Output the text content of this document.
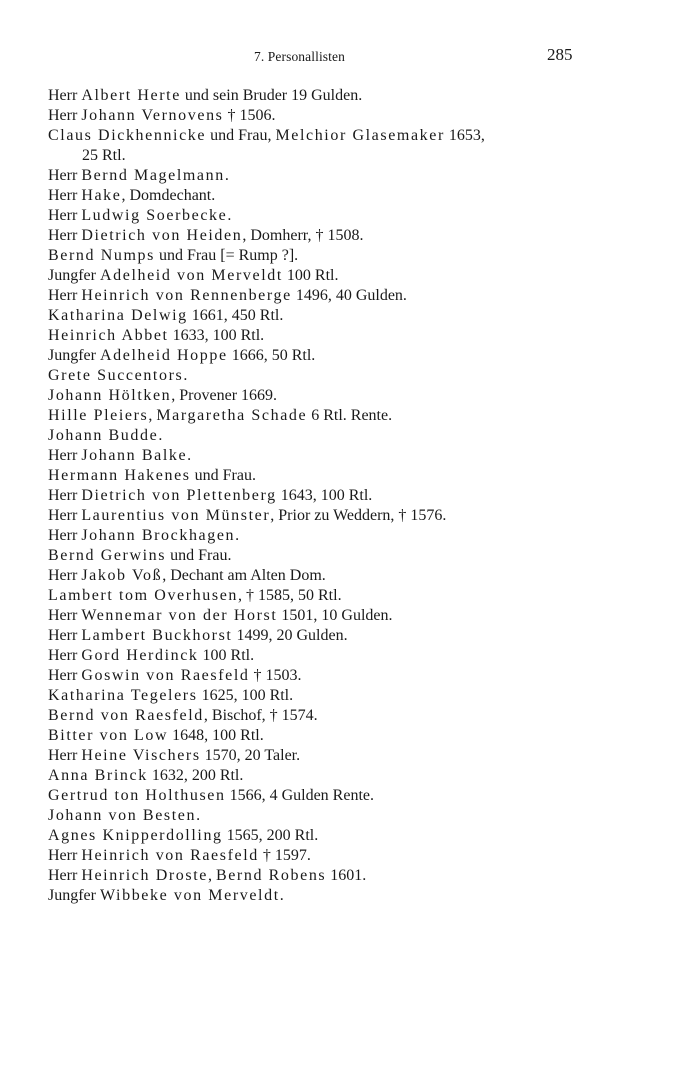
7. Personallisten	285
Herr Albert Herte und sein Bruder 19 Gulden.
Herr Johann Vernovens † 1506.
Claus Dickhennicke und Frau, Melchior Glasemaker 1653,
25 Rtl.
Herr Bernd Magelmann.
Herr Hake, Domdechant.
Herr Ludwig Soerbecke.
Herr Dietrich von Heiden, Domherr, † 1508.
Bernd Numps und Frau [= Rump ?].
Jungfer Adelheid von Merveldt 100 Rtl.
Herr Heinrich von Rennenberge 1496, 40 Gulden.
Katharina Delwig 1661, 450 Rtl.
Heinrich Abbet 1633, 100 Rtl.
Jungfer Adelheid Hoppe 1666, 50 Rtl.
Grete Succentors.
Johann Höltken, Provener 1669.
Hille Pleiers, Margaretha Schade 6 Rtl. Rente.
Johann Budde.
Herr Johann Balke.
Hermann Hakenes und Frau.
Herr Dietrich von Plettenberg 1643, 100 Rtl.
Herr Laurentius von Münster, Prior zu Weddern, † 1576.
Herr Johann Brockhagen.
Bernd Gerwins und Frau.
Herr Jakob Voß, Dechant am Alten Dom.
Lambert tom Overhusen, † 1585, 50 Rtl.
Herr Wennemar von der Horst 1501, 10 Gulden.
Herr Lambert Buckhorst 1499, 20 Gulden.
Herr Gord Herdinck 100 Rtl.
Herr Goswin von Raesfeld † 1503.
Katharina Tegelers 1625, 100 Rtl.
Bernd von Raesfeld, Bischof, † 1574.
Bitter von Low 1648, 100 Rtl.
Herr Heine Vischers 1570, 20 Taler.
Anna Brinck 1632, 200 Rtl.
Gertrud ton Holthusen 1566, 4 Gulden Rente.
Johann von Besten.
Agnes Knipperdolling 1565, 200 Rtl.
Herr Heinrich von Raesfeld † 1597.
Herr Heinrich Droste, Bernd Robens 1601.
Jungfer Wibbeke von Merveldt.
